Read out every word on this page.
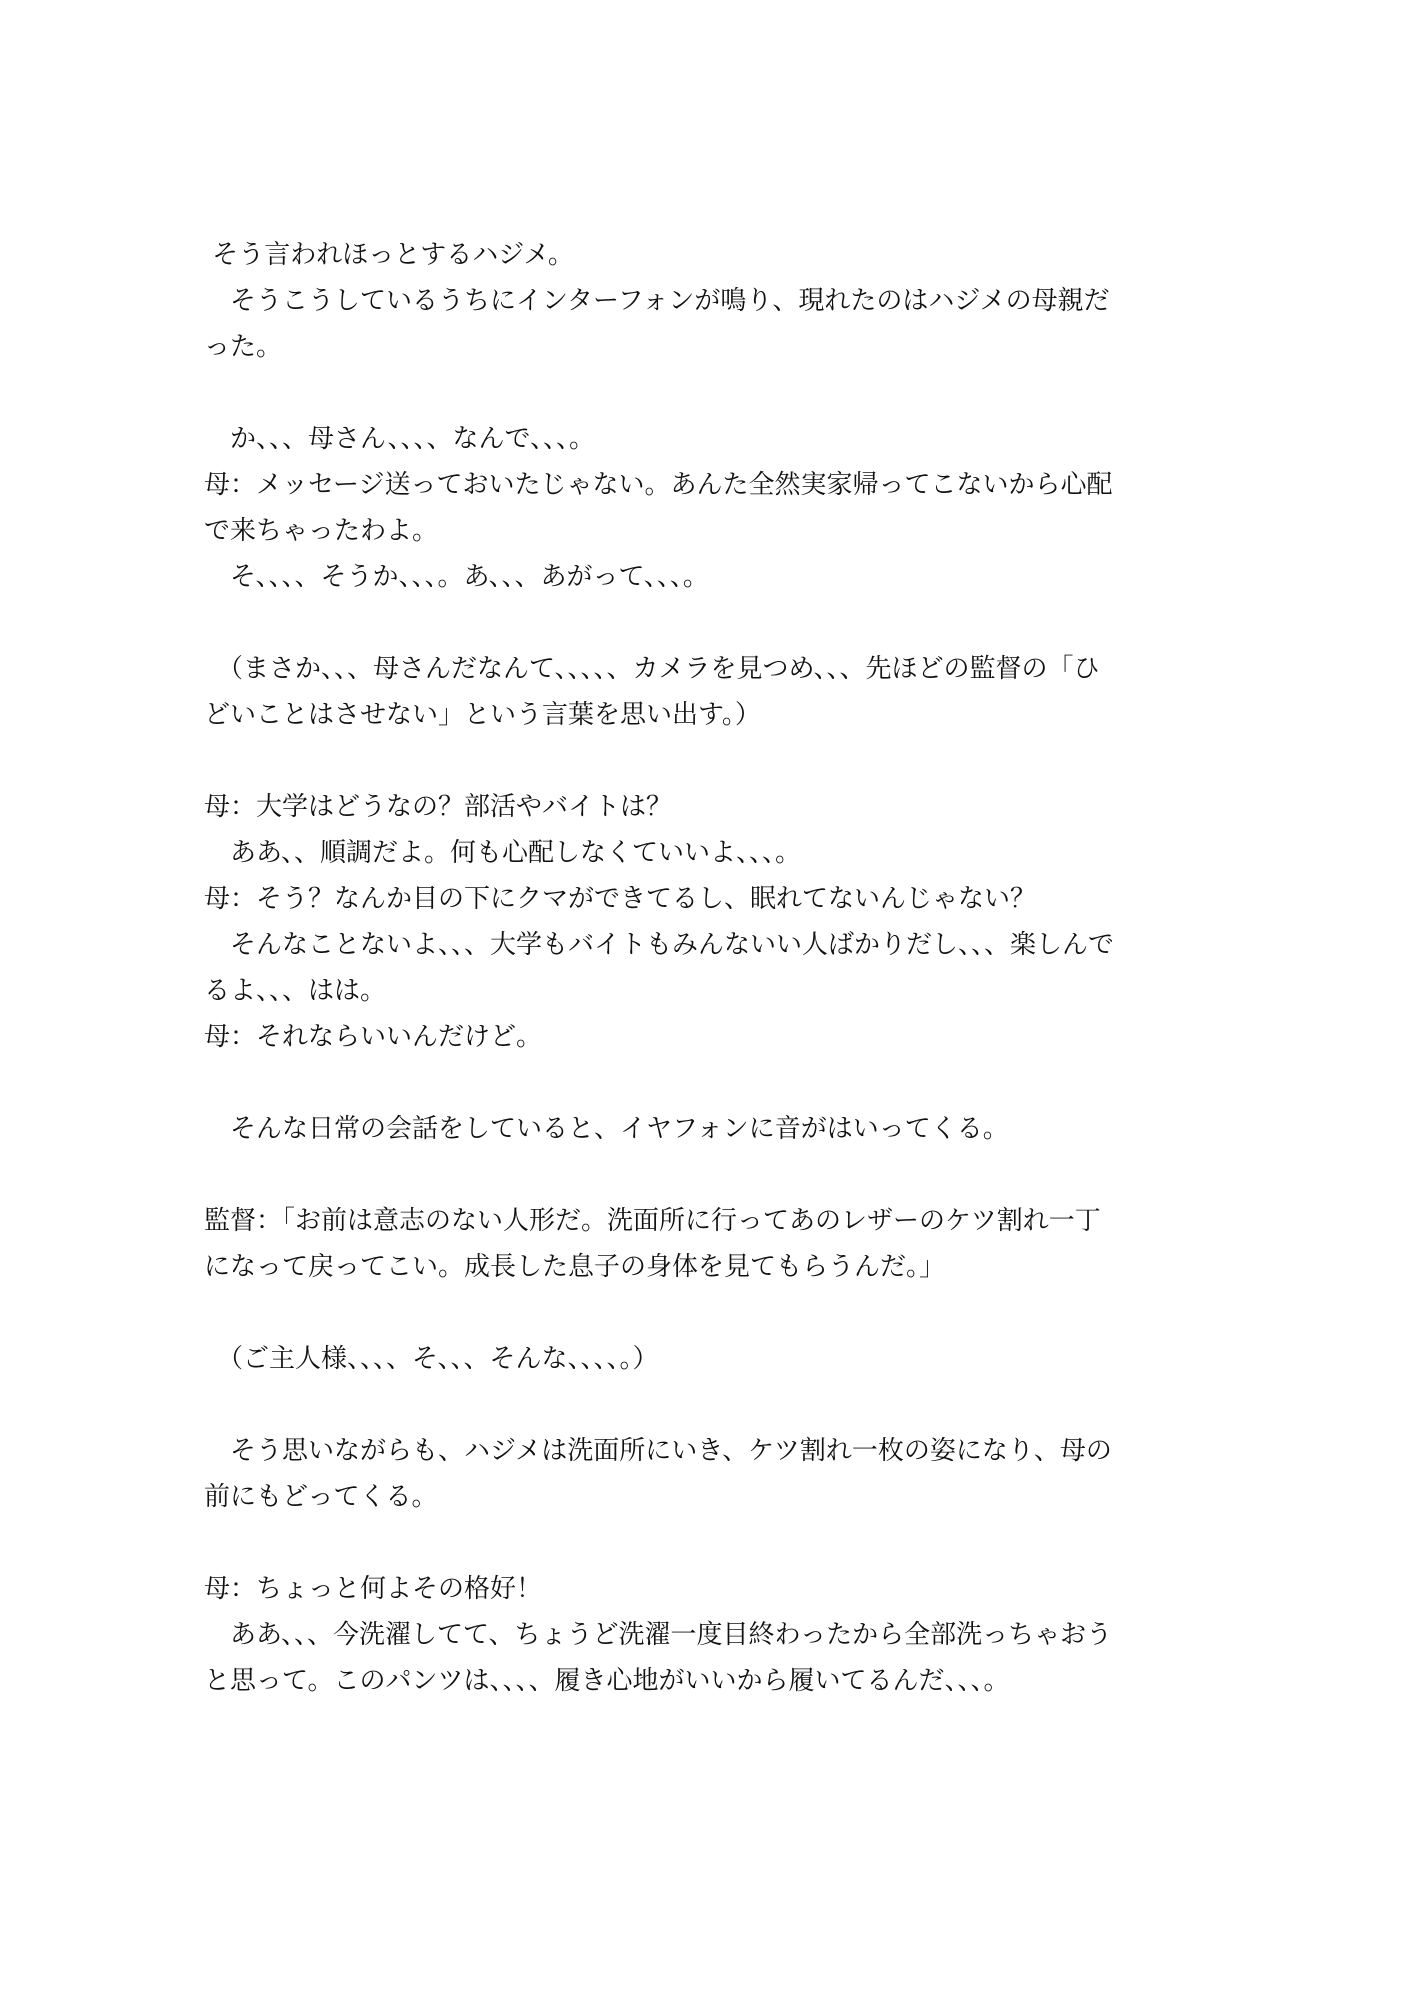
そう言われほっとするハジメ。
　そうこうしているうちにインターフォンが鳴り、現れたのはハジメの母親だ
った。
　か、、、母さん、、、、なんで、、、。
母：メッセージ送っておいたじゃない。あんた全然実家帰ってこないから心配
で来ちゃったわよ。
　そ、、、、そうか、、、。あ、、、あがって、、、。
　（まさか、、、母さんだなんて、、、、、カメラを見つめ、、、先ほどの監督の「ひ
どいことはさせない」という言葉を思い出す。）
母：大学はどうなの？部活やバイトは？
　ああ、、順調だよ。何も心配しなくていいよ、、、。
母：そう？なんか目の下にクマができてるし、眠れてないんじゃない？
　そんなことないよ、、、大学もバイトもみんないい人ばかりだし、、、楽しんで
るよ、、、はは。
母：それならいいんだけど。
　そんな日常の会話をしていると、イヤフォンに音がはいってくる。
監督：「お前は意志のない人形だ。洗面所に行ってあのレザーのケツ割れ一丁
になって戻ってこい。成長した息子の身体を見てもらうんだ。」
　（ご主人様、、、、そ、、、そんな、、、、。）
　そう思いながらも、ハジメは洗面所にいき、ケツ割れ一枚の姿になり、母の
前にもどってくる。
母：ちょっと何よその格好！
　ああ、、、今洗濯してて、ちょうど洗濯一度目終わったから全部洗っちゃおう
と思って。このパンツは、、、、履き心地がいいから履いてるんだ、、、。
